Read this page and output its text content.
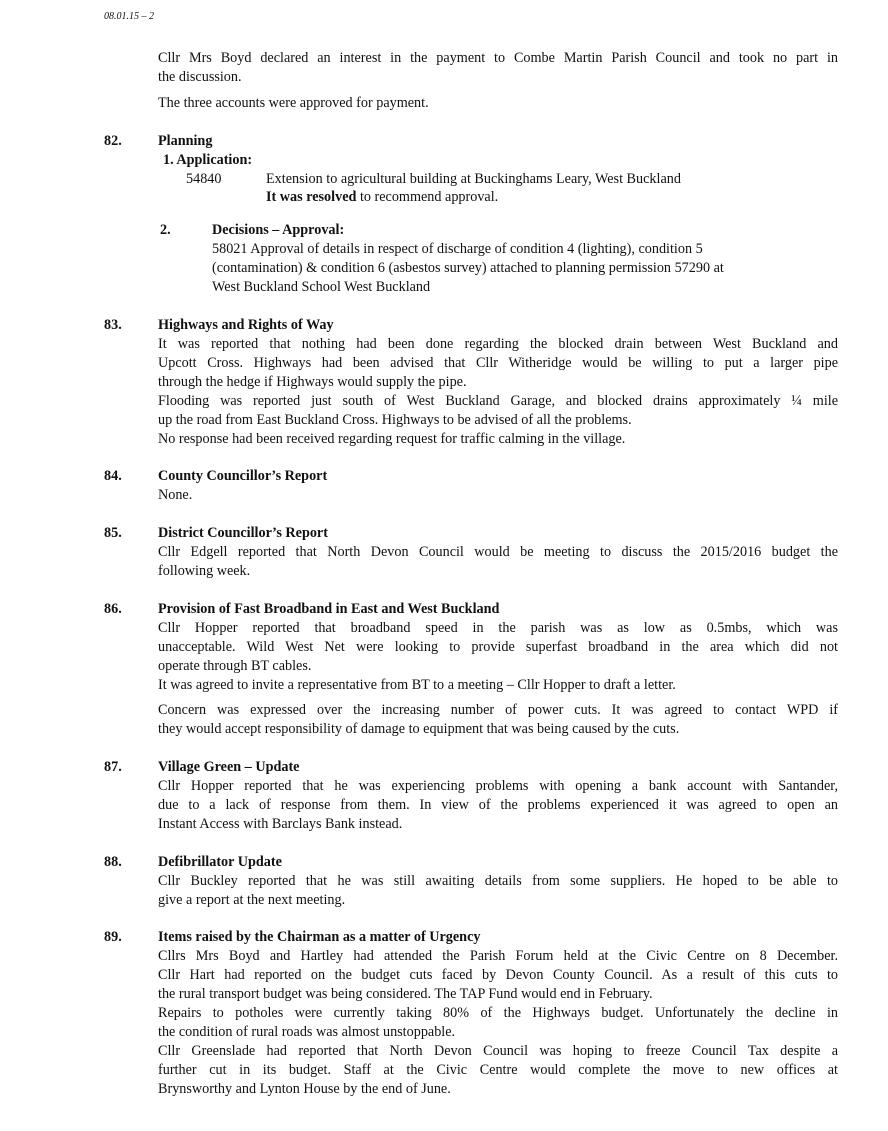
08.01.15 – 2
Cllr Mrs Boyd declared an interest in the payment to Combe Martin Parish Council and took no part in
the discussion.
The three accounts were approved for payment.
82.	Planning
1. Application:
54840	Extension to agricultural building at Buckinghams Leary, West Buckland
It was resolved to recommend approval.
2.	Decisions – Approval:
58021 Approval of details in respect of discharge of condition 4 (lighting), condition 5
(contamination) & condition 6 (asbestos survey) attached to planning permission 57290 at
West Buckland School West Buckland
83.	Highways and Rights of Way
It was reported that nothing had been done regarding the blocked drain between West Buckland and
Upcott Cross. Highways had been advised that Cllr Witheridge would be willing to put a larger pipe
through the hedge if Highways would supply the pipe.
Flooding was reported just south of West Buckland Garage, and blocked drains approximately ¼ mile
up the road from East Buckland Cross. Highways to be advised of all the problems.
No response had been received regarding request for traffic calming in the village.
84.	County Councillor’s Report
None.
85.	District Councillor’s Report
Cllr Edgell reported that North Devon Council would be meeting to discuss the 2015/2016 budget the
following week.
86.	Provision of Fast Broadband in East and West Buckland
Cllr Hopper reported that broadband speed in the parish was as low as 0.5mbs, which was
unacceptable. Wild West Net were looking to provide superfast broadband in the area which did not
operate through BT cables.
It was agreed to invite a representative from BT to a meeting – Cllr Hopper to draft a letter.
Concern was expressed over the increasing number of power cuts. It was agreed to contact WPD if
they would accept responsibility of damage to equipment that was being caused by the cuts.
87.	Village Green – Update
Cllr Hopper reported that he was experiencing problems with opening a bank account with Santander,
due to a lack of response from them. In view of the problems experienced it was agreed to open an
Instant Access with Barclays Bank instead.
88.	Defibrillator Update
Cllr Buckley reported that he was still awaiting details from some suppliers. He hoped to be able to
give a report at the next meeting.
89.	Items raised by the Chairman as a matter of Urgency
Cllrs Mrs Boyd and Hartley had attended the Parish Forum held at the Civic Centre on 8 December.
Cllr Hart had reported on the budget cuts faced by Devon County Council. As a result of this cuts to
the rural transport budget was being considered. The TAP Fund would end in February.
Repairs to potholes were currently taking 80% of the Highways budget. Unfortunately the decline in
the condition of rural roads was almost unstoppable.
Cllr Greenslade had reported that North Devon Council was hoping to freeze Council Tax despite a
further cut in its budget. Staff at the Civic Centre would complete the move to new offices at
Brynsworthy and Lynton House by the end of June.
